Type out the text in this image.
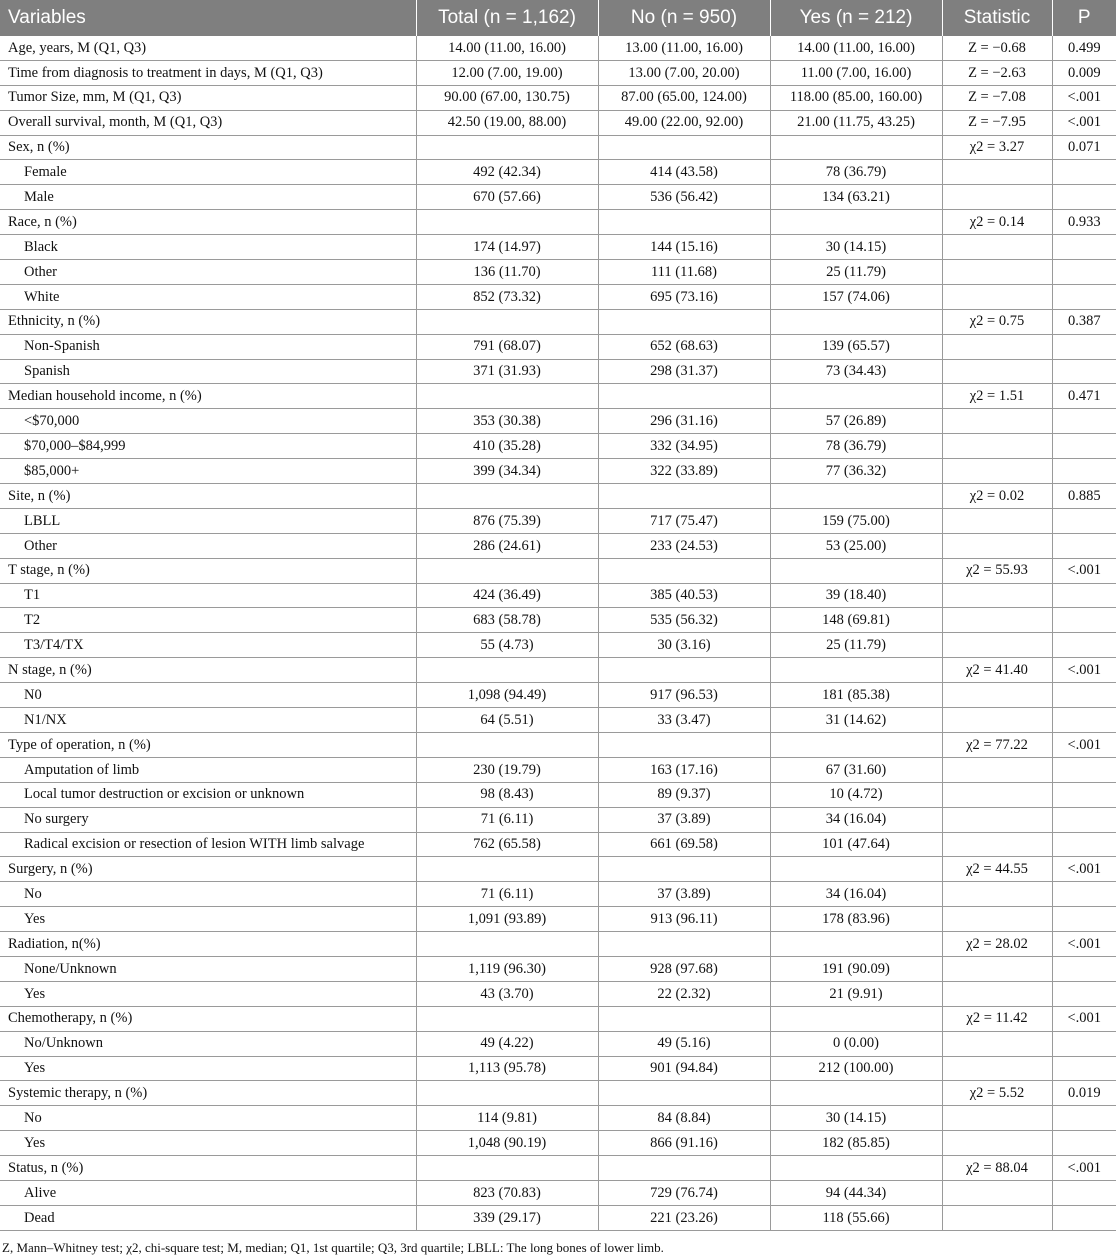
Variables	Total (n = 1,162)	No (n = 950)	Yes (n = 212)	Statistic	P
Age, years, M (Q1, Q3)	14.00 (11.00, 16.00)	13.00 (11.00, 16.00)	14.00 (11.00, 16.00)	Z = −0.68	0.499
Time from diagnosis to treatment in days, M (Q1, Q3)	12.00 (7.00, 19.00)	13.00 (7.00, 20.00)	11.00 (7.00, 16.00)	Z = −2.63	0.009
Tumor Size, mm, M (Q1, Q3)	90.00 (67.00, 130.75)	87.00 (65.00, 124.00)	118.00 (85.00, 160.00)	Z = −7.08	<.001
Overall survival, month, M (Q1, Q3)	42.50 (19.00, 88.00)	49.00 (22.00, 92.00)	21.00 (11.75, 43.25)	Z = −7.95	<.001
Sex, n (%)				χ2 = 3.27	0.071
Female	492 (42.34)	414 (43.58)	78 (36.79)		
Male	670 (57.66)	536 (56.42)	134 (63.21)		
Race, n (%)				χ2 = 0.14	0.933
Black	174 (14.97)	144 (15.16)	30 (14.15)		
Other	136 (11.70)	111 (11.68)	25 (11.79)		
White	852 (73.32)	695 (73.16)	157 (74.06)		
Ethnicity, n (%)				χ2 = 0.75	0.387
Non-Spanish	791 (68.07)	652 (68.63)	139 (65.57)		
Spanish	371 (31.93)	298 (31.37)	73 (34.43)		
Median household income, n (%)				χ2 = 1.51	0.471
<$70,000	353 (30.38)	296 (31.16)	57 (26.89)		
$70,000–$84,999	410 (35.28)	332 (34.95)	78 (36.79)		
$85,000+	399 (34.34)	322 (33.89)	77 (36.32)		
Site, n (%)				χ2 = 0.02	0.885
LBLL	876 (75.39)	717 (75.47)	159 (75.00)		
Other	286 (24.61)	233 (24.53)	53 (25.00)		
T stage, n (%)				χ2 = 55.93	<.001
T1	424 (36.49)	385 (40.53)	39 (18.40)		
T2	683 (58.78)	535 (56.32)	148 (69.81)		
T3/T4/TX	55 (4.73)	30 (3.16)	25 (11.79)		
N stage, n (%)				χ2 = 41.40	<.001
N0	1,098 (94.49)	917 (96.53)	181 (85.38)		
N1/NX	64 (5.51)	33 (3.47)	31 (14.62)		
Type of operation, n (%)				χ2 = 77.22	<.001
Amputation of limb	230 (19.79)	163 (17.16)	67 (31.60)		
Local tumor destruction or excision or unknown	98 (8.43)	89 (9.37)	10 (4.72)		
No surgery	71 (6.11)	37 (3.89)	34 (16.04)		
Radical excision or resection of lesion WITH limb salvage	762 (65.58)	661 (69.58)	101 (47.64)		
Surgery, n (%)				χ2 = 44.55	<.001
No	71 (6.11)	37 (3.89)	34 (16.04)		
Yes	1,091 (93.89)	913 (96.11)	178 (83.96)		
Radiation, n(%)				χ2 = 28.02	<.001
None/Unknown	1,119 (96.30)	928 (97.68)	191 (90.09)		
Yes	43 (3.70)	22 (2.32)	21 (9.91)		
Chemotherapy, n (%)				χ2 = 11.42	<.001
No/Unknown	49 (4.22)	49 (5.16)	0 (0.00)		
Yes	1,113 (95.78)	901 (94.84)	212 (100.00)		
Systemic therapy, n (%)				χ2 = 5.52	0.019
No	114 (9.81)	84 (8.84)	30 (14.15)		
Yes	1,048 (90.19)	866 (91.16)	182 (85.85)		
Status, n (%)				χ2 = 88.04	<.001
Alive	823 (70.83)	729 (76.74)	94 (44.34)		
Dead	339 (29.17)	221 (23.26)	118 (55.66)		
Z, Mann–Whitney test; χ2, chi-square test; M, median; Q1, 1st quartile; Q3, 3rd quartile; LBLL: The long bones of lower limb.
